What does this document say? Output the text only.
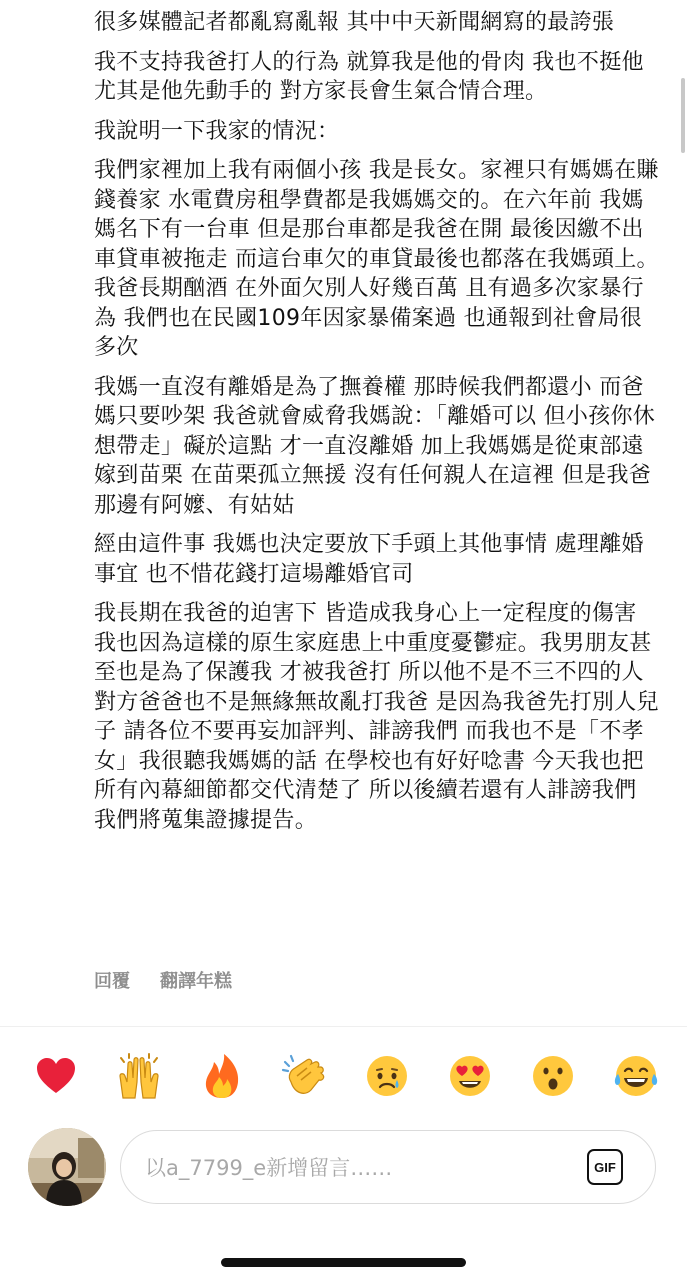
很多媒體記者都亂寫亂報 其中中天新聞網寫的最誇張

我不支持我爸打人的行為 就算我是他的骨肉 我也不挺他 尤其是他先動手的 對方家長會生氣合情合理。

我說明一下我家的情況：

我們家裡加上我有兩個小孩 我是長女。家裡只有媽媽在賺錢養家 水電費房租學費都是我媽媽交的。在六年前 我媽媽名下有一台車 但是那台車都是我爸在開 最後因繳不出車貸車被拖走 而這台車欠的車貸最後也都落在我媽頭上。我爸長期酗酒 在外面欠別人好幾百萬 且有過多次家暴行為 我們也在民國109年因家暴備案過 也通報到社會局很多次

我媽一直沒有離婚是為了撫養權 那時候我們都還小 而爸媽只要吵架 我爸就會威脅我媽說：「離婚可以 但小孩你休想帶走」礙於這點 才一直沒離婚 加上我媽媽是從東部遠嫁到苗栗 在苗栗孤立無援 沒有任何親人在這裡 但是我爸那邊有阿嬤、有姑姑

經由這件事 我媽也決定要放下手頭上其他事情 處理離婚事宜 也不惜花錢打這場離婚官司

我長期在我爸的迫害下 皆造成我身心上一定程度的傷害 我也因為這樣的原生家庭患上中重度憂鬱症。我男朋友甚至也是為了保護我 才被我爸打 所以他不是不三不四的人 對方爸爸也不是無緣無故亂打我爸 是因為我爸先打別人兒子 請各位不要再妄加評判、誹謗我們 而我也不是「不孝女」我很聽我媽媽的話 在學校也有好好唸書 今天我也把所有內幕細節都交代清楚了 所以後續若還有人誹謗我們 我們將蒐集證據提告。

回覆 翻譯年糕
以a_7799_e新增留言……
GIF
